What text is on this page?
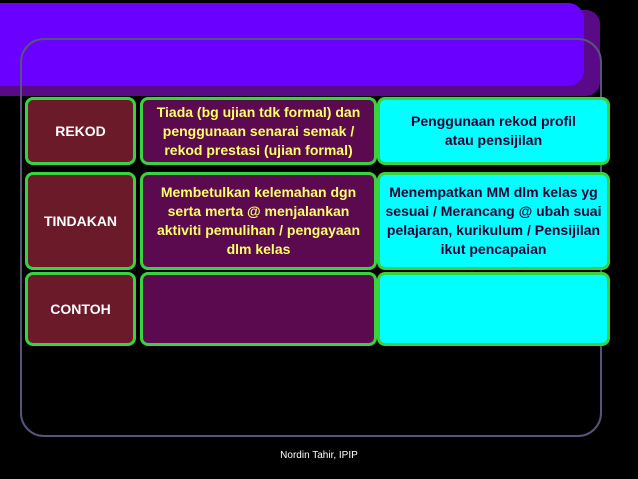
REKOD
Tiada (bg ujian tdk formal) dan penggunaan senarai semak / rekod prestasi (ujian formal)
Penggunaan rekod profil atau pensijilan
TINDAKAN
Membetulkan kelemahan dgn serta merta @ menjalankan aktiviti pemulihan / pengayaan dlm kelas
Menempatkan MM dlm kelas yg sesuai / Merancang @ ubah suai pelajaran, kurikulum / Pensijilan ikut pencapaian
CONTOH
Nordin Tahir, IPIP
